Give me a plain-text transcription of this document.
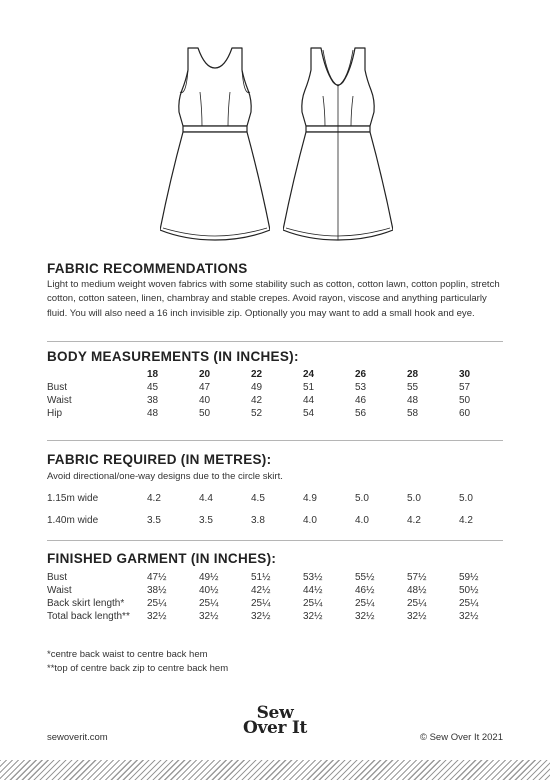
FABRIC RECOMMENDATIONS

Light to medium weight woven fabrics with some stability such as cotton, cotton lawn, cotton poplin, stretch cotton, cotton sateen, linen, chambray and stable crepes. Avoid rayon, viscose and anything particularly fluid. You will also need a 16 inch invisible zip. Optionally you may want to add a small hook and eye.

BODY MEASUREMENTS (IN INCHES):
	18	20	22	24	26	28	30
Bust	45	47	49	51	53	55	57
Waist	38	40	42	44	46	48	50
Hip	48	50	52	54	56	58	60
FABRIC REQUIRED (IN METRES):

Avoid directional/one-way designs due to the circle skirt.

1.15m wide	4.2	4.4	4.5	4.9	5.0	5.0	5.0

1.40m wide	3.5	3.5	3.8	4.0	4.0	4.2	4.2
FINISHED GARMENT (IN INCHES):
Bust	47½	49½	51½	53½	55½	57½	59½
Waist	38½	40½	42½	44½	46½	48½	50½
Back skirt length*	25¼	25¼	25¼	25¼	25¼	25¼	25¼
Total back length**	32½	32½	32½	32½	32½	32½	32½

*centre back waist to centre back hem

**top of centre back zip to centre back hem

sewoverit.com
Sew
Over It	© Sew Over It 2021
